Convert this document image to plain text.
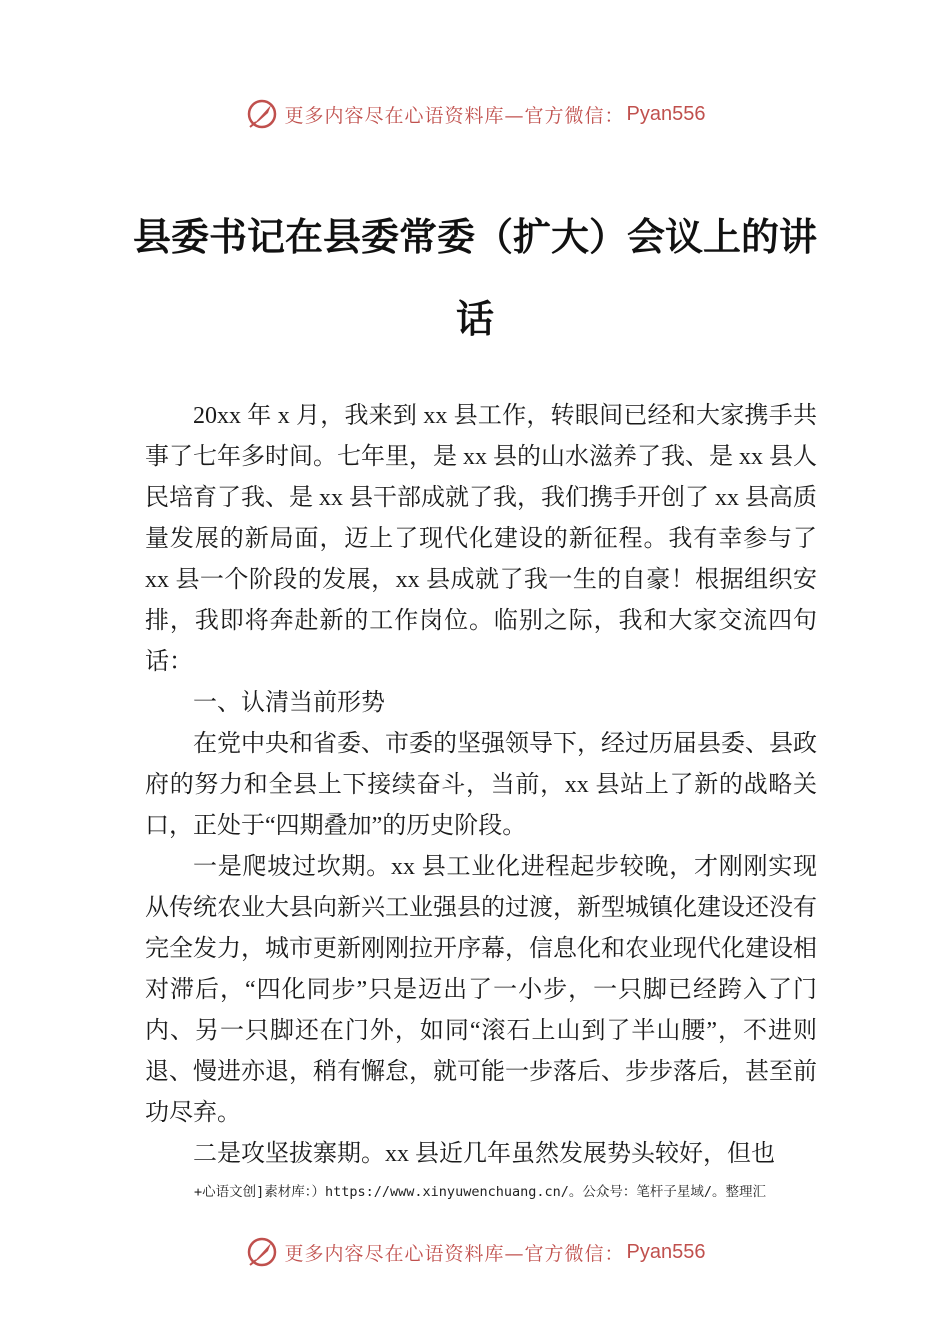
更多内容尽在心语资料库—官方微信： Pyan556
县委书记在县委常委（扩大）会议上的讲话

20xx 年 x 月，我来到 xx 县工作，转眼间已经和大家携手共事了七年多时间。七年里，是 xx 县的山水滋养了我、是 xx 县人民培育了我、是 xx 县干部成就了我，我们携手开创了 xx 县高质量发展的新局面，迈上了现代化建设的新征程。我有幸参与了 xx 县一个阶段的发展，xx 县成就了我一生的自豪！根据组织安排，我即将奔赴新的工作岗位。临别之际，我和大家交流四句话：

一、认清当前形势

在党中央和省委、市委的坚强领导下，经过历届县委、县政府的努力和全县上下接续奋斗，当前，xx 县站上了新的战略关口，正处于“四期叠加”的历史阶段。

一是爬坡过坎期。xx 县工业化进程起步较晚，才刚刚实现从传统农业大县向新兴工业强县的过渡，新型城镇化建设还没有完全发力，城市更新刚刚拉开序幕，信息化和农业现代化建设相对滞后，“四化同步”只是迈出了一小步，一只脚已经跨入了门内、另一只脚还在门外，如同“滚石上山到了半山腰”，不进则退、慢进亦退，稍有懈怠，就可能一步落后、步步落后，甚至前功尽弃。

二是攻坚拔寨期。xx 县近几年虽然发展势头较好，但也

+心语文创]素材库：）https://www.xinyuwenchuang.cn/。公众号：笔杆子星域/。整理汇
更多内容尽在心语资料库—官方微信： Pyan556
